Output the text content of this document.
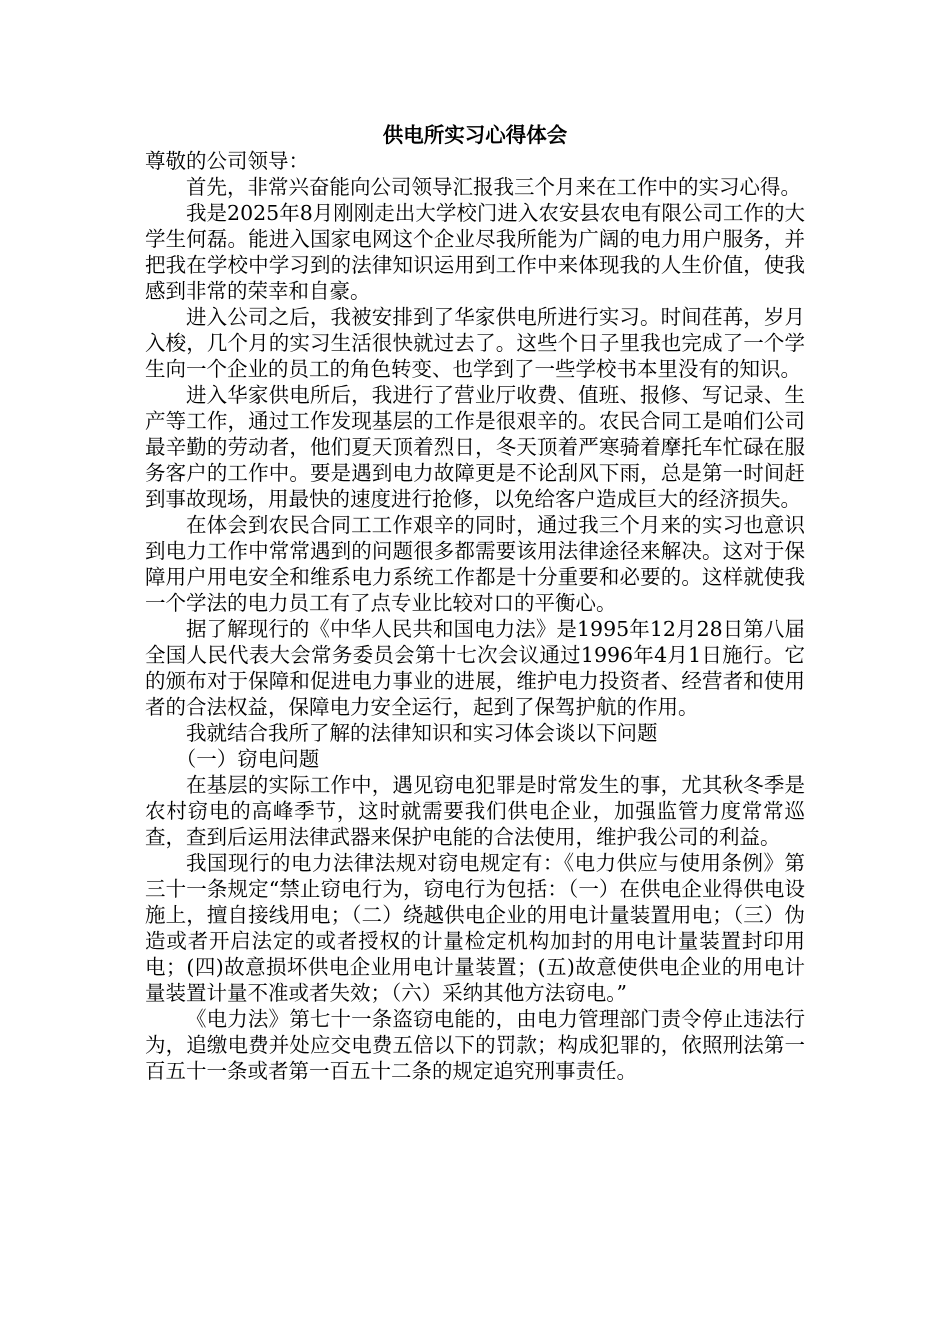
供电所实习心得体会

尊敬的公司领导：

首先，非常兴奋能向公司领导汇报我三个月来在工作中的实习心得。

我是2025年8月刚刚走出大学校门进入农安县农电有限公司工作的大学生何磊。能进入国家电网这个企业尽我所能为广阔的电力用户服务，并把我在学校中学习到的法律知识运用到工作中来体现我的人生价值，使我感到非常的荣幸和自豪。

进入公司之后，我被安排到了华家供电所进行实习。时间荏苒，岁月入梭，几个月的实习生活很快就过去了。这些个日子里我也完成了一个学生向一个企业的员工的角色转变、也学到了一些学校书本里没有的知识。

进入华家供电所后，我进行了营业厅收费、值班、报修、写记录、生产等工作，通过工作发现基层的工作是很艰辛的。农民合同工是咱们公司最辛勤的劳动者，他们夏天顶着烈日，冬天顶着严寒骑着摩托车忙碌在服务客户的工作中。要是遇到电力故障更是不论刮风下雨，总是第一时间赶到事故现场，用最快的速度进行抢修，以免给客户造成巨大的经济损失。

在体会到农民合同工工作艰辛的同时，通过我三个月来的实习也意识到电力工作中常常遇到的问题很多都需要该用法律途径来解决。这对于保障用户用电安全和维系电力系统工作都是十分重要和必要的。这样就使我一个学法的电力员工有了点专业比较对口的平衡心。

据了解现行的《中华人民共和国电力法》是1995年12月28日第八届全国人民代表大会常务委员会第十七次会议通过1996年4月1日施行。它的颁布对于保障和促进电力事业的进展，维护电力投资者、经营者和使用者的合法权益，保障电力安全运行，起到了保驾护航的作用。

我就结合我所了解的法律知识和实习体会谈以下问题

（一）窃电问题

在基层的实际工作中，遇见窃电犯罪是时常发生的事，尤其秋冬季是农村窃电的高峰季节，这时就需要我们供电企业，加强监管力度常常巡查，查到后运用法律武器来保护电能的合法使用，维护我公司的利益。

我国现行的电力法律法规对窃电规定有：《电力供应与使用条例》第三十一条规定“禁止窃电行为，窃电行为包括：（一）在供电企业得供电设施上，擅自接线用电；（二）绕越供电企业的用电计量装置用电；（三）伪造或者开启法定的或者授权的计量检定机构加封的用电计量装置封印用电；(四)故意损坏供电企业用电计量装置；(五)故意使供电企业的用电计量装置计量不准或者失效；（六）采纳其他方法窃电。”

《电力法》第七十一条盗窃电能的，由电力管理部门责令停止违法行为，追缴电费并处应交电费五倍以下的罚款；构成犯罪的，依照刑法第一百五十一条或者第一百五十二条的规定追究刑事责任。
